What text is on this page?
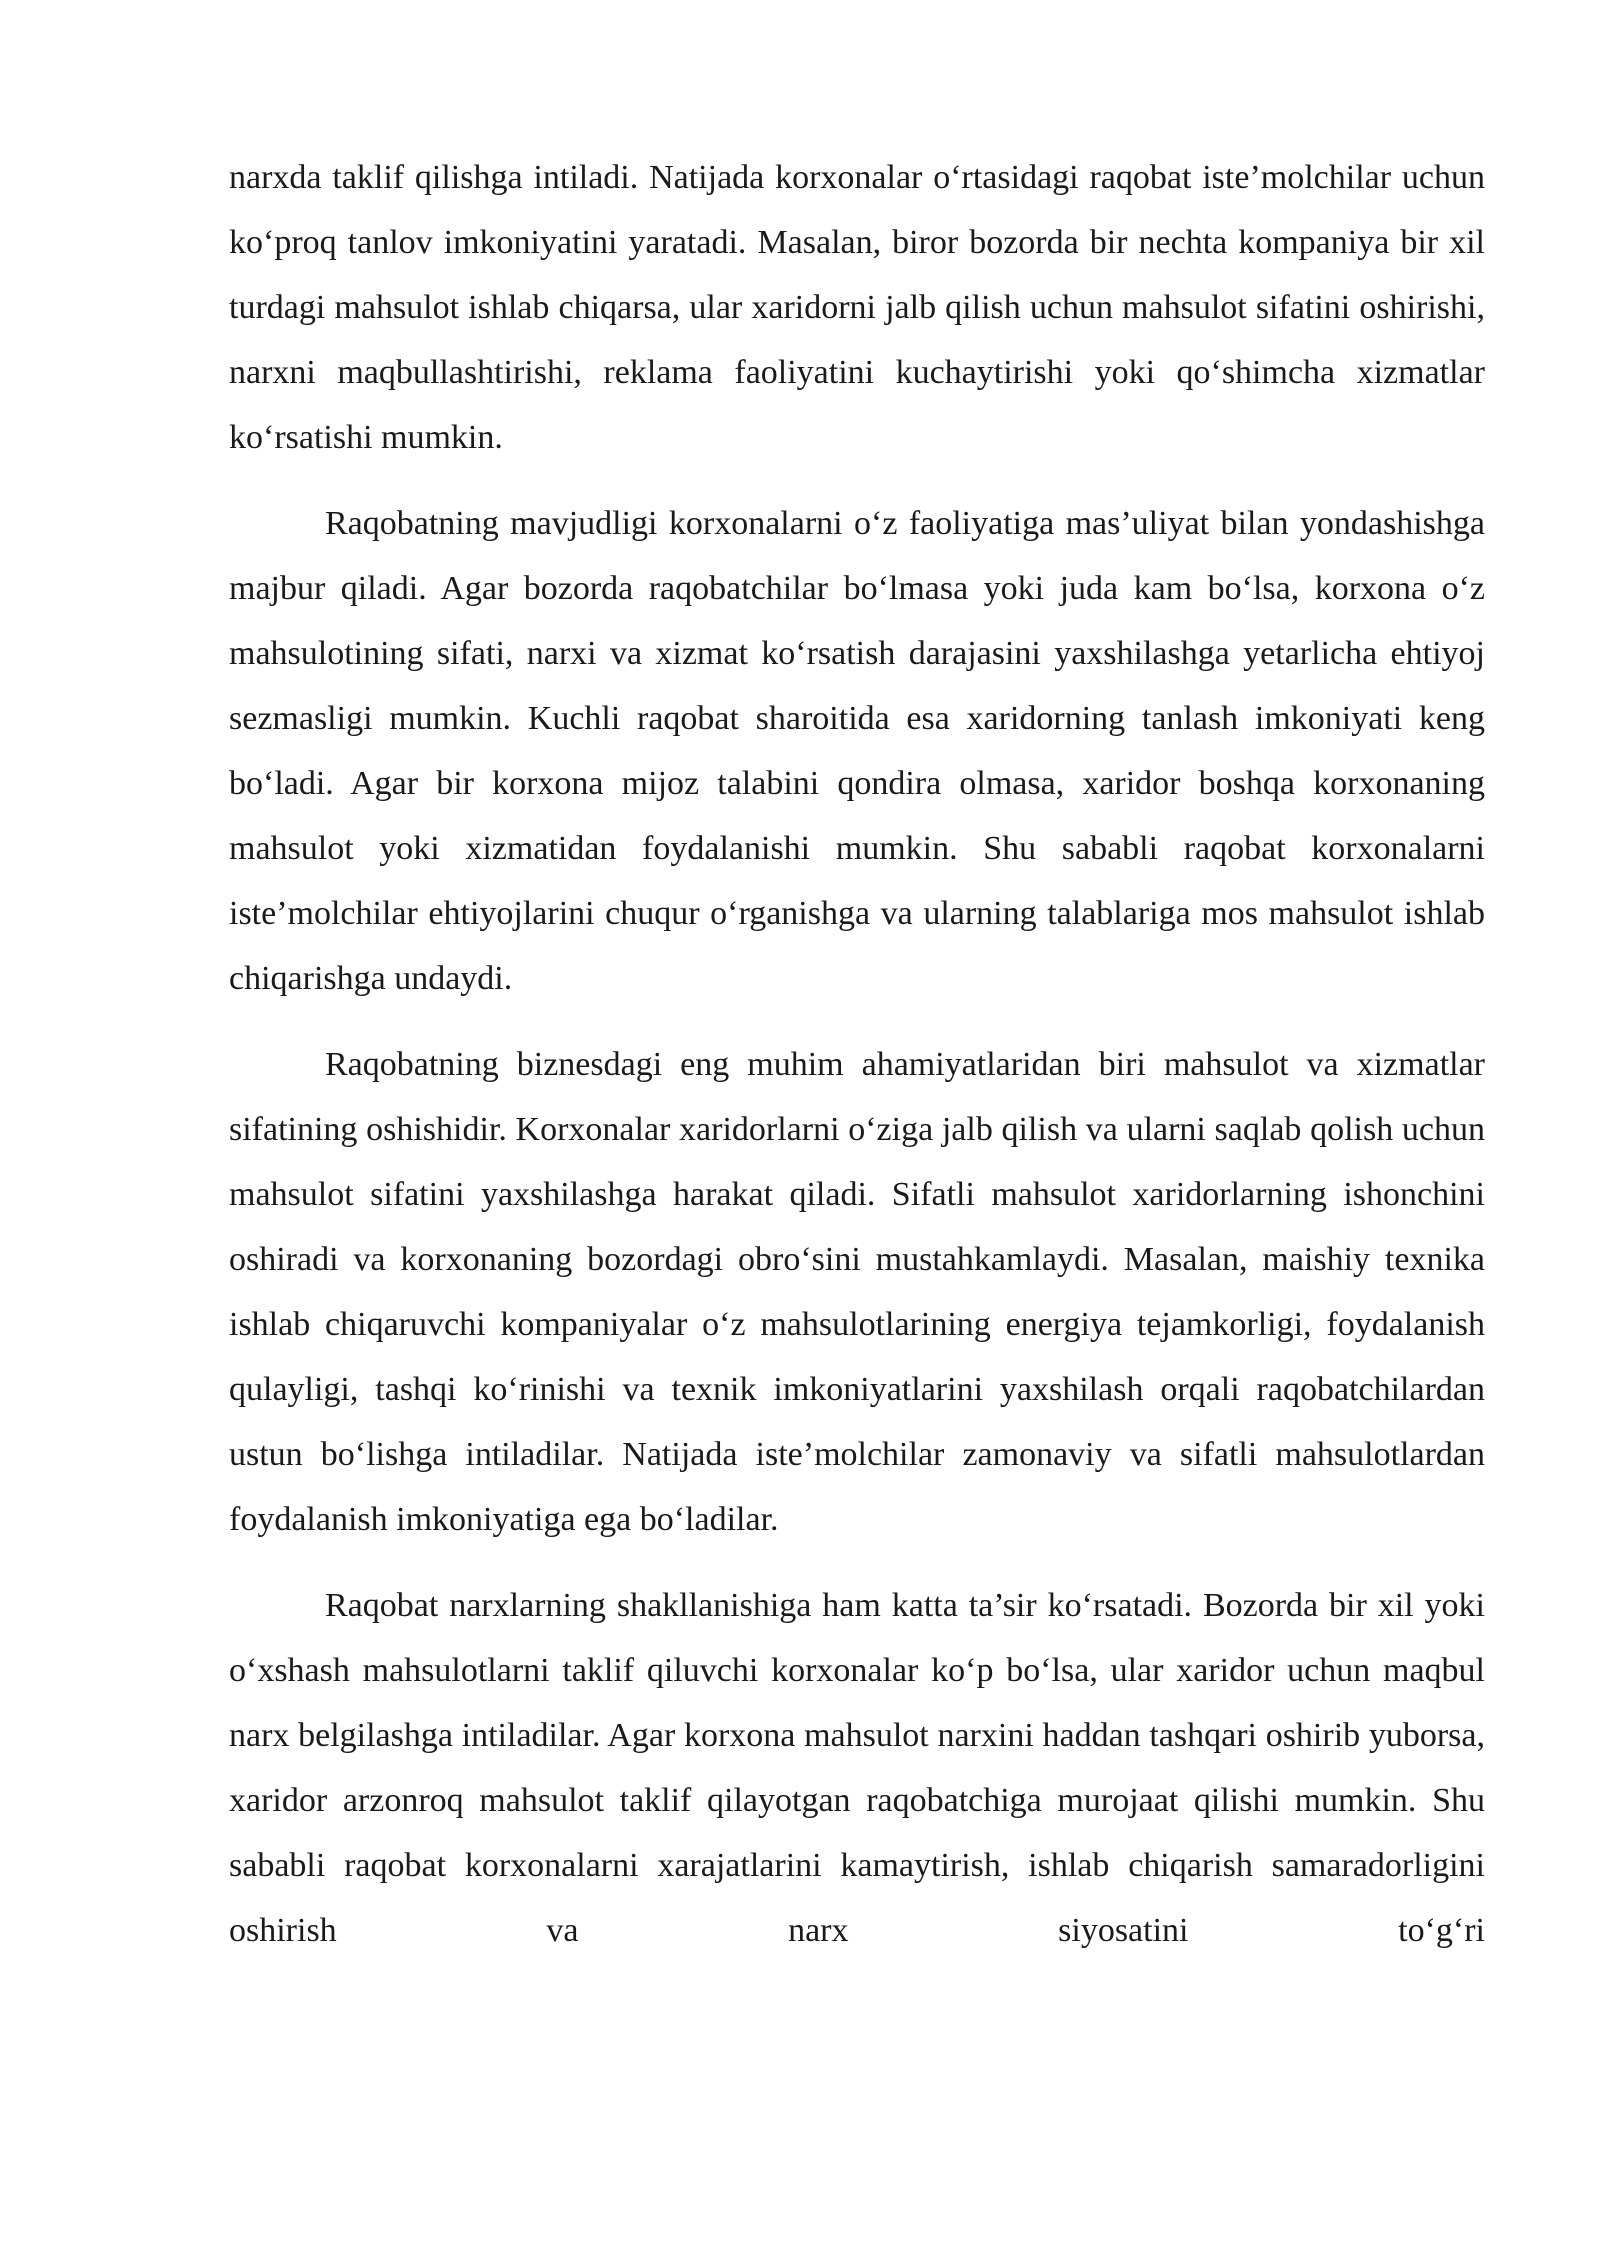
narxda taklif qilishga intiladi. Natijada korxonalar o‘rtasidagi raqobat iste’molchilar uchun ko‘proq tanlov imkoniyatini yaratadi. Masalan, biror bozorda bir nechta kompaniya bir xil turdagi mahsulot ishlab chiqarsa, ular xaridorni jalb qilish uchun mahsulot sifatini oshirishi, narxni maqbullashtirishi, reklama faoliyatini kuchaytirishi yoki qo‘shimcha xizmatlar ko‘rsatishi mumkin.

Raqobatning mavjudligi korxonalarni o‘z faoliyatiga mas’uliyat bilan yondashishga majbur qiladi. Agar bozorda raqobatchilar bo‘lmasa yoki juda kam bo‘lsa, korxona o‘z mahsulotining sifati, narxi va xizmat ko‘rsatish darajasini yaxshilashga yetarlicha ehtiyoj sezmasligi mumkin. Kuchli raqobat sharoitida esa xaridorning tanlash imkoniyati keng bo‘ladi. Agar bir korxona mijoz talabini qondira olmasa, xaridor boshqa korxonaning mahsulot yoki xizmatidan foydalanishi mumkin. Shu sababli raqobat korxonalarni iste’molchilar ehtiyojlarini chuqur o‘rganishga va ularning talablariga mos mahsulot ishlab chiqarishga undaydi.

Raqobatning biznesdagi eng muhim ahamiyatlaridan biri mahsulot va xizmatlar sifatining oshishidir. Korxonalar xaridorlarni o‘ziga jalb qilish va ularni saqlab qolish uchun mahsulot sifatini yaxshilashga harakat qiladi. Sifatli mahsulot xaridorlarning ishonchini oshiradi va korxonaning bozordagi obro‘sini mustahkamlaydi. Masalan, maishiy texnika ishlab chiqaruvchi kompaniyalar o‘z mahsulotlarining energiya tejamkorligi, foydalanish qulayligi, tashqi ko‘rinishi va texnik imkoniyatlarini yaxshilash orqali raqobatchilardan ustun bo‘lishga intiladilar. Natijada iste’molchilar zamonaviy va sifatli mahsulotlardan foydalanish imkoniyatiga ega bo‘ladilar.

Raqobat narxlarning shakllanishiga ham katta ta’sir ko‘rsatadi. Bozorda bir xil yoki o‘xshash mahsulotlarni taklif qiluvchi korxonalar ko‘p bo‘lsa, ular xaridor uchun maqbul narx belgilashga intiladilar. Agar korxona mahsulot narxini haddan tashqari oshirib yuborsa, xaridor arzonroq mahsulot taklif qilayotgan raqobatchiga murojaat qilishi mumkin. Shu sababli raqobat korxonalarni xarajatlarini kamaytirish, ishlab chiqarish samaradorligini oshirish va narx siyosatini to‘g‘ri
